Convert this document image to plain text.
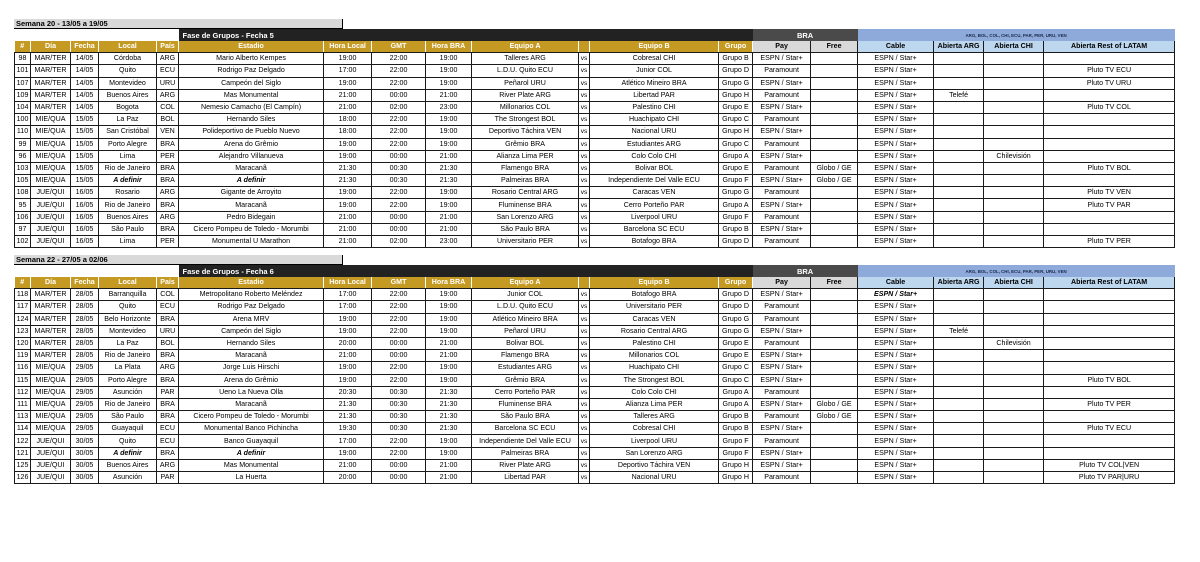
Semana 20 - 13/05 a 19/05
					Fase de Grupos - Fecha 5								BRA		ARG, BOL, COL, CHI, ECU, PAR, PER, URU, VEN			
#	Día	Fecha	Local	País	Estadio	Hora Local	GMT	Hora BRA	Equipo A		Equipo B	Grupo	Pay	Free	Cable	Abierta ARG	Abierta CHI	Abierta Rest of LATAM
98	MAR/TER	14/05	Córdoba	ARG	Mario Alberto Kempes	19:00	22:00	19:00	Talleres ARG	vs	Cobresal CHI	Grupo B	ESPN / Star+		ESPN / Star+			
101	MAR/TER	14/05	Quito	ECU	Rodrigo Paz Delgado	17:00	22:00	19:00	L.D.U. Quito ECU	vs	Junior COL	Grupo D	Paramount		ESPN / Star+			Pluto TV ECU
107	MAR/TER	14/05	Montevideo	URU	Campeón del Siglo	19:00	22:00	19:00	Peñarol URU	vs	Atlético Mineiro BRA	Grupo G	ESPN / Star+		ESPN / Star+			Pluto TV URU
109	MAR/TER	14/05	Buenos Aires	ARG	Mas Monumental	21:00	00:00	21:00	River Plate ARG	vs	Libertad PAR	Grupo H	Paramount		ESPN / Star+	Telefé		
104	MAR/TER	14/05	Bogota	COL	Nemesio Camacho (El Campín)	21:00	02:00	23:00	Millonarios COL	vs	Palestino CHI	Grupo E	ESPN / Star+		ESPN / Star+			Pluto TV COL
100	MIE/QUA	15/05	La Paz	BOL	Hernando Siles	18:00	22:00	19:00	The Strongest BOL	vs	Huachipato CHI	Grupo C	Paramount		ESPN / Star+			
110	MIE/QUA	15/05	San Cristóbal	VEN	Polideportivo de Pueblo Nuevo	18:00	22:00	19:00	Deportivo Táchira VEN	vs	Nacional URU	Grupo H	ESPN / Star+		ESPN / Star+			
99	MIE/QUA	15/05	Porto Alegre	BRA	Arena do Grêmio	19:00	22:00	19:00	Grêmio BRA	vs	Estudiantes ARG	Grupo C	Paramount		ESPN / Star+			
96	MIE/QUA	15/05	Lima	PER	Alejandro Villanueva	19:00	00:00	21:00	Alianza Lima PER	vs	Colo Colo CHI	Grupo A	ESPN / Star+		ESPN / Star+		Chilevisión	
103	MIE/QUA	15/05	Rio de Janeiro	BRA	Maracanã	21:30	00:30	21:30	Flamengo BRA	vs	Bolivar BOL	Grupo E	Paramount	Globo / GE	ESPN / Star+			Pluto TV BOL
105	MIE/QUA	15/05	A definir	BRA	A definir	21:30	00:30	21:30	Palmeiras BRA	vs	Independiente Del Valle ECU	Grupo F	ESPN / Star+	Globo / GE	ESPN / Star+			
108	JUE/QUI	16/05	Rosario	ARG	Gigante de Arroyito	19:00	22:00	19:00	Rosario Central ARG	vs	Caracas VEN	Grupo G	Paramount		ESPN / Star+			Pluto TV VEN
95	JUE/QUI	16/05	Rio de Janeiro	BRA	Maracanã	19:00	22:00	19:00	Fluminense BRA	vs	Cerro Porteño PAR	Grupo A	ESPN / Star+		ESPN / Star+			Pluto TV PAR
106	JUE/QUI	16/05	Buenos Aires	ARG	Pedro Bidegain	21:00	00:00	21:00	San Lorenzo ARG	vs	Liverpool URU	Grupo F	Paramount		ESPN / Star+			
97	JUE/QUI	16/05	São Paulo	BRA	Cicero Pompeu de Toledo - Morumbi	21:00	00:00	21:00	São Paulo BRA	vs	Barcelona SC ECU	Grupo B	ESPN / Star+		ESPN / Star+			
102	JUE/QUI	16/05	Lima	PER	Monumental U Marathon	21:00	02:00	23:00	Universitario PER	vs	Botafogo BRA	Grupo D	Paramount		ESPN / Star+			Pluto TV PER
Semana 22 - 27/05 a 02/06
					Fase de Grupos - Fecha 6								BRA		ARG, BOL, COL, CHI, ECU, PAR, PER, URU, VEN			
#	Día	Fecha	Local	País	Estadio	Hora Local	GMT	Hora BRA	Equipo A		Equipo B	Grupo	Pay	Free	Cable	Abierta ARG	Abierta CHI	Abierta Rest of LATAM
118	MAR/TER	28/05	Barranquilla	COL	Metropolitano Roberto Meléndez	17:00	22:00	19:00	Junior COL	vs	Botafogo BRA	Grupo D	ESPN / Star+		ESPN / Star+			
117	MAR/TER	28/05	Quito	ECU	Rodrigo Paz Delgado	17:00	22:00	19:00	L.D.U. Quito ECU	vs	Universitario PER	Grupo D	Paramount		ESPN / Star+			
124	MAR/TER	28/05	Belo Horizonte	BRA	Arena MRV	19:00	22:00	19:00	Atlético Mineiro BRA	vs	Caracas VEN	Grupo G	Paramount		ESPN / Star+			
123	MAR/TER	28/05	Montevideo	URU	Campeón del Siglo	19:00	22:00	19:00	Peñarol URU	vs	Rosario Central ARG	Grupo G	ESPN / Star+		ESPN / Star+	Telefé		
120	MAR/TER	28/05	La Paz	BOL	Hernando Siles	20:00	00:00	21:00	Bolivar BOL	vs	Palestino CHI	Grupo E	Paramount		ESPN / Star+		Chilevisión	
119	MAR/TER	28/05	Rio de Janeiro	BRA	Maracanã	21:00	00:00	21:00	Flamengo BRA	vs	Millonarios COL	Grupo E	ESPN / Star+		ESPN / Star+			
116	MIE/QUA	29/05	La Plata	ARG	Jorge Luis Hirschi	19:00	22:00	19:00	Estudiantes ARG	vs	Huachipato CHI	Grupo C	ESPN / Star+		ESPN / Star+			
115	MIE/QUA	29/05	Porto Alegre	BRA	Arena do Grêmio	19:00	22:00	19:00	Grêmio BRA	vs	The Strongest BOL	Grupo C	ESPN / Star+		ESPN / Star+			Pluto TV BOL
112	MIE/QUA	29/05	Asunción	PAR	Ueno La Nueva Olla	20:30	00:30	21:30	Cerro Porteño PAR	vs	Colo Colo CHI	Grupo A	Paramount		ESPN / Star+			
111	MIE/QUA	29/05	Rio de Janeiro	BRA	Maracanã	21:30	00:30	21:30	Fluminense BRA	vs	Alianza Lima PER	Grupo A	ESPN / Star+	Globo / GE	ESPN / Star+			Pluto TV PER
113	MIE/QUA	29/05	São Paulo	BRA	Cicero Pompeu de Toledo - Morumbi	21:30	00:30	21:30	São Paulo BRA	vs	Talleres ARG	Grupo B	Paramount	Globo / GE	ESPN / Star+			
114	MIE/QUA	29/05	Guayaquil	ECU	Monumental Banco Pichincha	19:30	00:30	21:30	Barcelona SC ECU	vs	Cobresal CHI	Grupo B	ESPN / Star+		ESPN / Star+			Pluto TV ECU
122	JUE/QUI	30/05	Quito	ECU	Banco Guayaquil	17:00	22:00	19:00	Independiente Del Valle ECU	vs	Liverpool URU	Grupo F	Paramount		ESPN / Star+			
121	JUE/QUI	30/05	A definir	BRA	A definir	19:00	22:00	19:00	Palmeiras BRA	vs	San Lorenzo ARG	Grupo F	ESPN / Star+		ESPN / Star+			
125	JUE/QUI	30/05	Buenos Aires	ARG	Mas Monumental	21:00	00:00	21:00	River Plate ARG	vs	Deportivo Táchira VEN	Grupo H	ESPN / Star+		ESPN / Star+			Pluto TV COL|VEN
126	JUE/QUI	30/05	Asunción	PAR	La Huerta	20:00	00:00	21:00	Libertad PAR	vs	Nacional URU	Grupo H	Paramount		ESPN / Star+			Pluto TV PAR|URU
